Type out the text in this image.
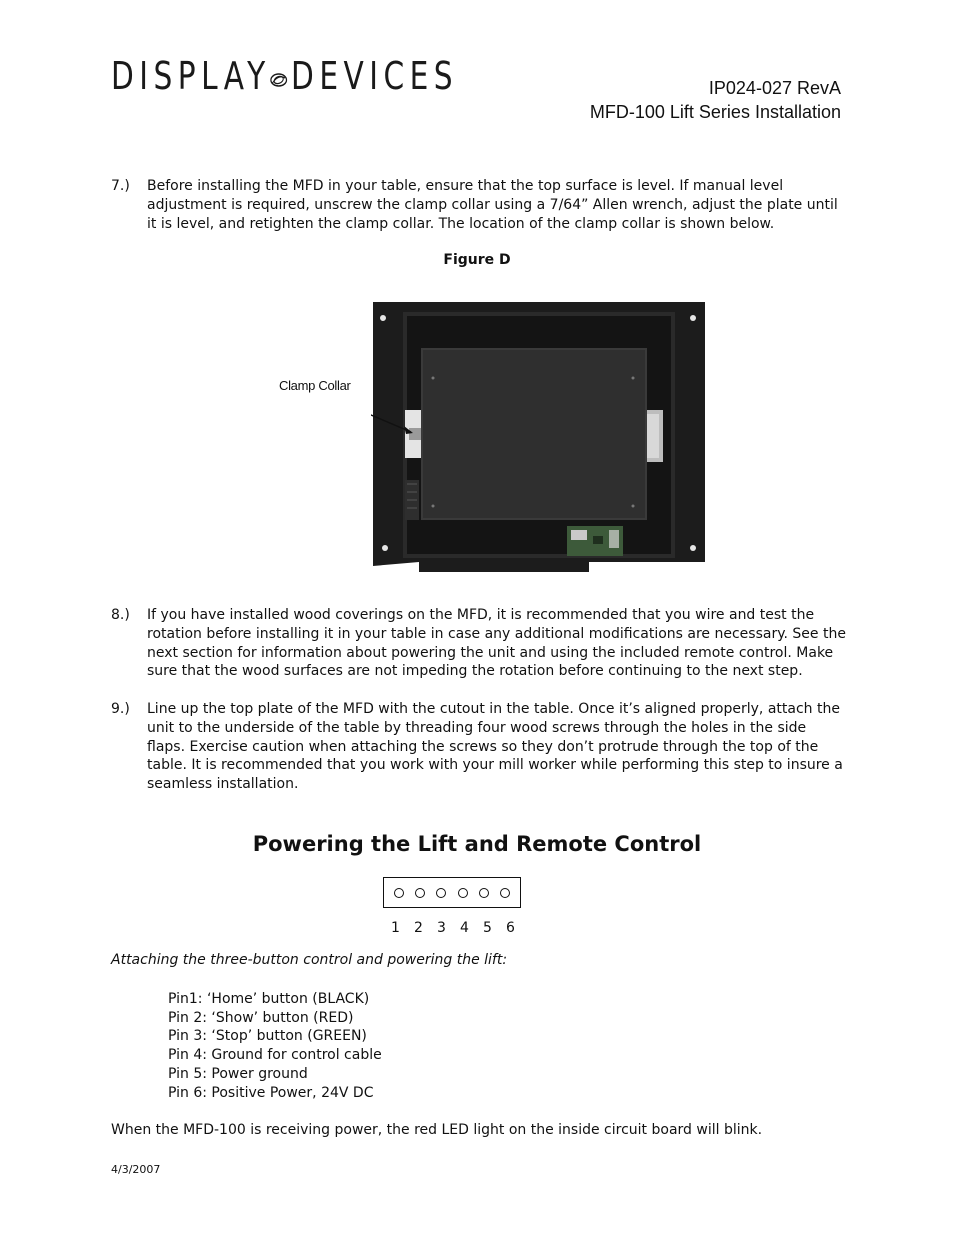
DISPLAY DEVICES	IP024-027 RevA
MFD-100 Lift Series Installation
7.) Before installing the MFD in your table, ensure that the top surface is level. If manual level adjustment is required, unscrew the clamp collar using a 7/64” Allen wrench, adjust the plate until it is level, and retighten the clamp collar. The location of the clamp collar is shown below.
Figure D
Clamp Collar
8.) If you have installed wood coverings on the MFD, it is recommended that you wire and test the rotation before installing it in your table in case any additional modifications are necessary. See the next section for information about powering the unit and using the included remote control. Make sure that the wood surfaces are not impeding the rotation before continuing to the next step.
9.) Line up the top plate of the MFD with the cutout in the table. Once it’s aligned properly, attach the unit to the underside of the table by threading four wood screws through the holes in the side flaps. Exercise caution when attaching the screws so they don’t protrude through the top of the table. It is recommended that you work with your mill worker while performing this step to insure a seamless installation.
Powering the Lift and Remote Control
1	2	3	4	5	6
Attaching the three-button control and powering the lift:
Pin1: ‘Home’ button (BLACK)
Pin 2: ‘Show’ button (RED)
Pin 3: ‘Stop’ button (GREEN)
Pin 4: Ground for control cable
Pin 5: Power ground
Pin 6: Positive Power, 24V DC
When the MFD-100 is receiving power, the red LED light on the inside circuit board will blink.
4/3/2007
